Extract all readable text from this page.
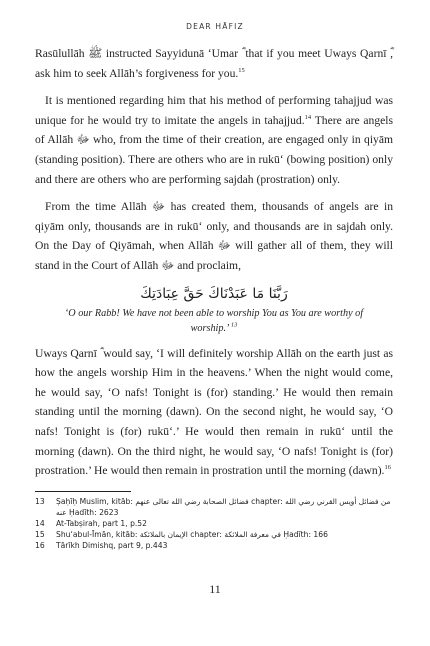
DEAR HĀFIZ

Rasūlullāh ﷺ instructed Sayyidunā ‘Umar ؓ that if you meet Uways Qarnī ؓ, ask him to seek Allāh’s forgiveness for you.$^{15}$

It is mentioned regarding him that his method of performing tahajjud was unique for he would try to imitate the angels in tahajjud.$^{14}$ There are angels of Allāh ﷻ who, from the time of their creation, are engaged only in qiyām (standing position). There are others who are in rukū‘ (bowing position) only and there are others who are performing sajdah (prostration) only.

From the time Allāh ﷻ has created them, thousands of angels are in qiyām only, thousands are in rukū‘ only, and thousands are in sajdah only. On the Day of Qiyāmah, when Allāh ﷻ will gather all of them, they will stand in the Court of Allāh ﷻ and proclaim,

رَبَّنَا مَا عَبَدْنَاكَ حَقَّ عِبَادَتِكَ
‘O our Rabb! We have not been able to worship You as You are worthy of worship.’ $^{13}$

Uways Qarnī ؓ would say, ‘I will definitely worship Allāh on the earth just as how the angels worship Him in the heavens.’ When the night would come, he would say, ‘O nafs! Tonight is (for) standing.’ He would then remain standing until the morning (dawn). On the second night, he would say, ‘O nafs! Tonight is (for) rukū‘.’ He would then remain in rukū‘ until the morning (dawn). On the third night, he would say, ‘O nafs! Tonight is (for) prostration.’ He would then remain in prostration until the morning (dawn).$^{16}$

13	Ṣaḥīḥ Muslim, kitāb: فضائل الصحابة رضي الله تعالى عنهم chapter: من فضائل أويس القرني رضي الله عنه Ḥadīth: 2623
14	At-Tabṣirah, part 1, p.52
15	Shu‘abul-Īmān, kitāb: الإيمان بالملائكة chapter: في معرفة الملائكة Ḥadīth: 166
16	Tārīkh Dimishq, part 9, p.443
11
